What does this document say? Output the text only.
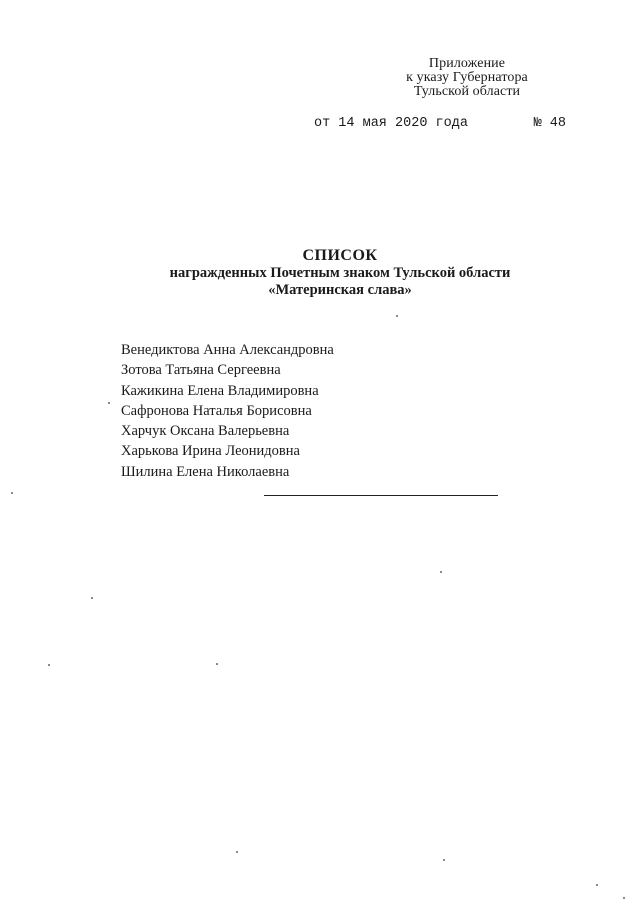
Приложение
к указу Губернатора
Тульской области
от 14 мая 2020 года	№ 48
СПИСОК
награжденных Почетным знаком Тульской области
«Материнская слава»
Венедиктова Анна Александровна
Зотова Татьяна Сергеевна
Кажикина Елена Владимировна
Сафронова Наталья Борисовна
Харчук Оксана Валерьевна
Харькова Ирина Леонидовна
Шилина Елена Николаевна
